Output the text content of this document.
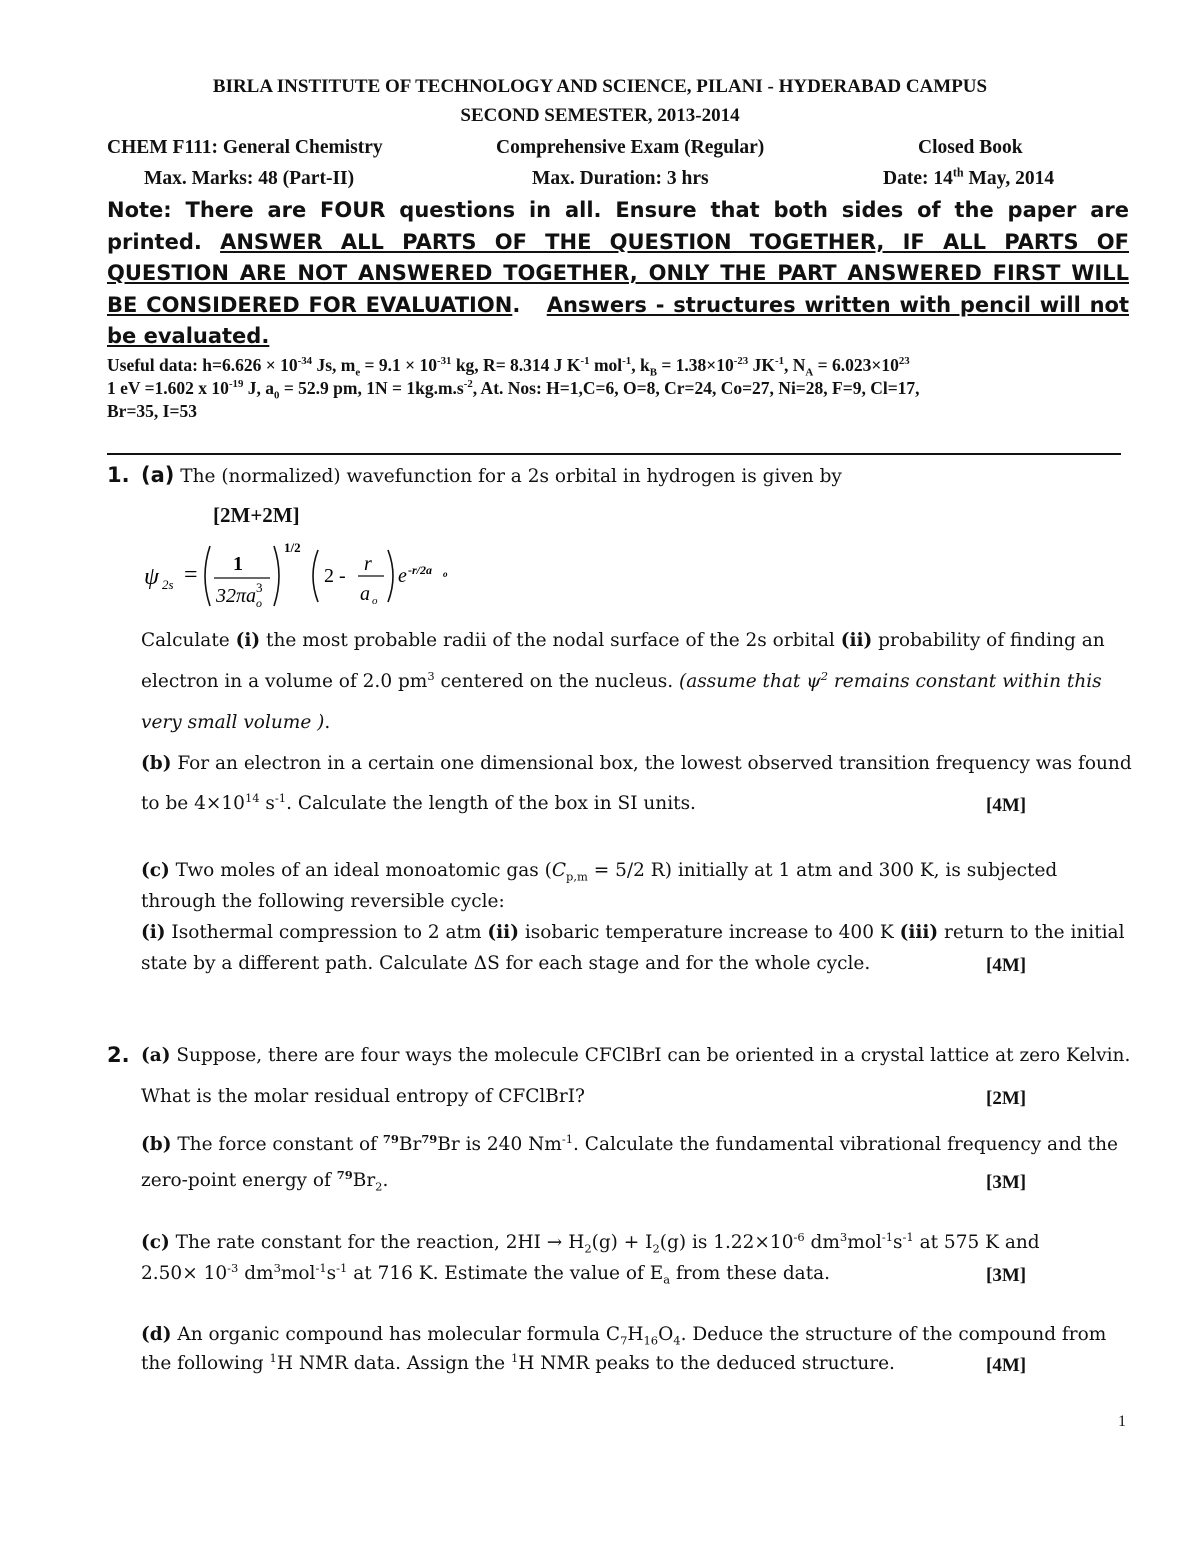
BIRLA INSTITUTE OF TECHNOLOGY AND SCIENCE, PILANI - HYDERABAD CAMPUS
SECOND SEMESTER, 2013-2014
CHEM F111: General Chemistry	Comprehensive Exam (Regular)	Closed Book
Max. Marks: 48 (Part-II)	Max. Duration: 3 hrs	Date: 14th May, 2014

Note: There are FOUR questions in all. Ensure that both sides of the paper are printed. ANSWER ALL PARTS OF THE QUESTION TOGETHER, IF ALL PARTS OF QUESTION ARE NOT ANSWERED TOGETHER, ONLY THE PART ANSWERED FIRST WILL BE CONSIDERED FOR EVALUATION.   Answers - structures written with pencil will not be evaluated.
Useful data: $h=6.626 \times 10^{-34}$ Js, $m_e = 9.1 \times 10^{-31}$ kg, R= 8.314 J $K^{-1}$ mol$^{-1}$, $k_B = 1.38\times 10^{-23}$ $JK^{-1}$, $N_A = 6.023\times 10^{23}$
1 eV =1.602 x $10^{-19}$ J, $a_0 = 52.9$ pm, $1N = 1kg.m.s^{-2}$, At. Nos: H=1,C=6, O=8, Cr=24, Co=27, Ni=28, F=9, Cl=17,
Br=35, I=53
1. (a) The (normalized) wavefunction for a 2s orbital in hydrogen is given by
[2M+2M]
ψ 2s = 1
32πa o
3
1/2
2 -
r
a o
e -r/2a o
Calculate (i) the most probable radii of the nodal surface of the 2s orbital (ii) probability of finding an
electron in a volume of 2.0 $pm^3$ centered on the nucleus. (assume that $\psi^2$ remains constant within this
very small volume ).
(b) For an electron in a certain one dimensional box, the lowest observed transition frequency was found
to be $4\times 10^{14}$ $s^{-1}$. Calculate the length of the box in SI units.	[4M]
(c) Two moles of an ideal monoatomic gas ($C_{p,m} = 5/2$ R) initially at 1 atm and 300 K, is subjected
through the following reversible cycle:
(i) Isothermal compression to 2 atm (ii) isobaric temperature increase to 400 K (iii) return to the initial
state by a different path. Calculate ΔS for each stage and for the whole cycle.	[4M]
2. (a) Suppose, there are four ways the molecule CFClBrI can be oriented in a crystal lattice at zero Kelvin.
What is the molar residual entropy of CFClBrI?	[2M]
(b) The force constant of $^{79}$Br$^{79}$Br is 240 $Nm^{-1}$. Calculate the fundamental vibrational frequency and the
zero-point energy of $^{79}Br_2$.	[3M]
(c) The rate constant for the reaction, $2HI \to H_2(g) + I_2(g)$ is $1.22\times 10^{-6}$ $dm^3mol^{-1}s^{-1}$ at 575 K and
$2.50\times 10^{-3}$ $dm^3mol^{-1}s^{-1}$ at 716 K. Estimate the value of $E_a$ from these data.	[3M]
(d) An organic compound has molecular formula $C_7H_{16}O_4$. Deduce the structure of the compound from
the following $^1$H NMR data. Assign the $^1$H NMR peaks to the deduced structure.	[4M]
1
